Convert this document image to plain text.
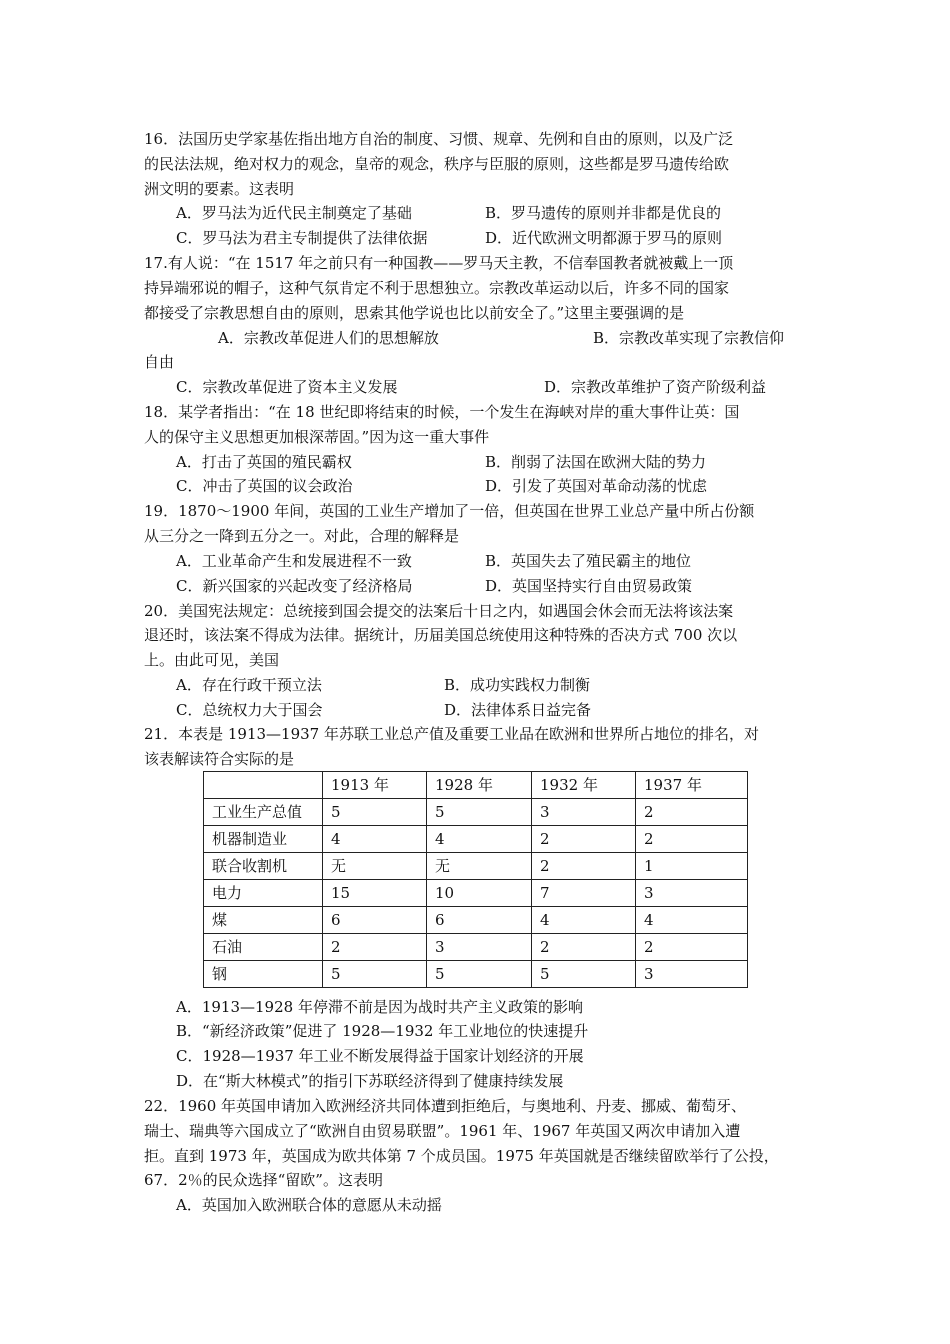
16．法国历史学家基佐指出地方自治的制度、习惯、规章、先例和自由的原则，以及广泛
的民法法规，绝对权力的观念，皇帝的观念，秩序与臣服的原则，这些都是罗马遗传给欧
洲文明的要素。这表明
A．罗马法为近代民主制奠定了基础	B．罗马遗传的原则并非都是优良的
C．罗马法为君主专制提供了法律依据	D．近代欧洲文明都源于罗马的原则
17.有人说：“在 1517 年之前只有一种国教——罗马天主教，不信奉国教者就被戴上一顶
持异端邪说的帽子，这种气氛肯定不利于思想独立。宗教改革运动以后，许多不同的国家
都接受了宗教思想自由的原则，思索其他学说也比以前安全了。”这里主要强调的是
A．宗教改革促进人们的思想解放	B．宗教改革实现了宗教信仰
自由
C．宗教改革促进了资本主义发展	D．宗教改革维护了资产阶级利益
18．某学者指出：“在 18 世纪即将结束的时候，一个发生在海峡对岸的重大事件让英：国
人的保守主义思想更加根深蒂固。”因为这一重大事件
A．打击了英国的殖民霸权	B．削弱了法国在欧洲大陆的势力
C．冲击了英国的议会政治	D．引发了英国对革命动荡的忧虑
19．1870～1900 年间，英国的工业生产增加了一倍，但英国在世界工业总产量中所占份额
从三分之一降到五分之一。对此，合理的解释是
A．工业革命产生和发展进程不一致	B．英国失去了殖民霸主的地位
C．新兴国家的兴起改变了经济格局	D．英国坚持实行自由贸易政策
20．美国宪法规定：总统接到国会提交的法案后十日之内，如遇国会休会而无法将该法案
退还时，该法案不得成为法律。据统计，历届美国总统使用这种特殊的否决方式 700 次以
上。由此可见，美国
A．存在行政干预立法	B．成功实践权力制衡
C．总统权力大于国会	D．法律体系日益完备
21．本表是 1913—1937 年苏联工业总产值及重要工业品在欧洲和世界所占地位的排名，对
该表解读符合实际的是
	1913 年	1928 年	1932 年	1937 年
工业生产总值	5	5	3	2
机器制造业	4	4	2	2
联合收割机	无	无	2	1
电力	15	10	7	3
煤	6	6	4	4
石油	2	3	2	2
钢	5	5	5	3
A．1913—1928 年停滞不前是因为战时共产主义政策的影响
B．“新经济政策”促进了 1928—1932 年工业地位的快速提升
C．1928—1937 年工业不断发展得益于国家计划经济的开展
D．在“斯大林模式”的指引下苏联经济得到了健康持续发展
22．1960 年英国申请加入欧洲经济共同体遭到拒绝后，与奥地利、丹麦、挪威、葡萄牙、
瑞士、瑞典等六国成立了“欧洲自由贸易联盟”。1961 年、1967 年英国又两次申请加入遭
拒。直到 1973 年，英国成为欧共体第 7 个成员国。1975 年英国就是否继续留欧举行了公投，
67．2％的民众选择“留欧”。这表明
A．英国加入欧洲联合体的意愿从未动摇
